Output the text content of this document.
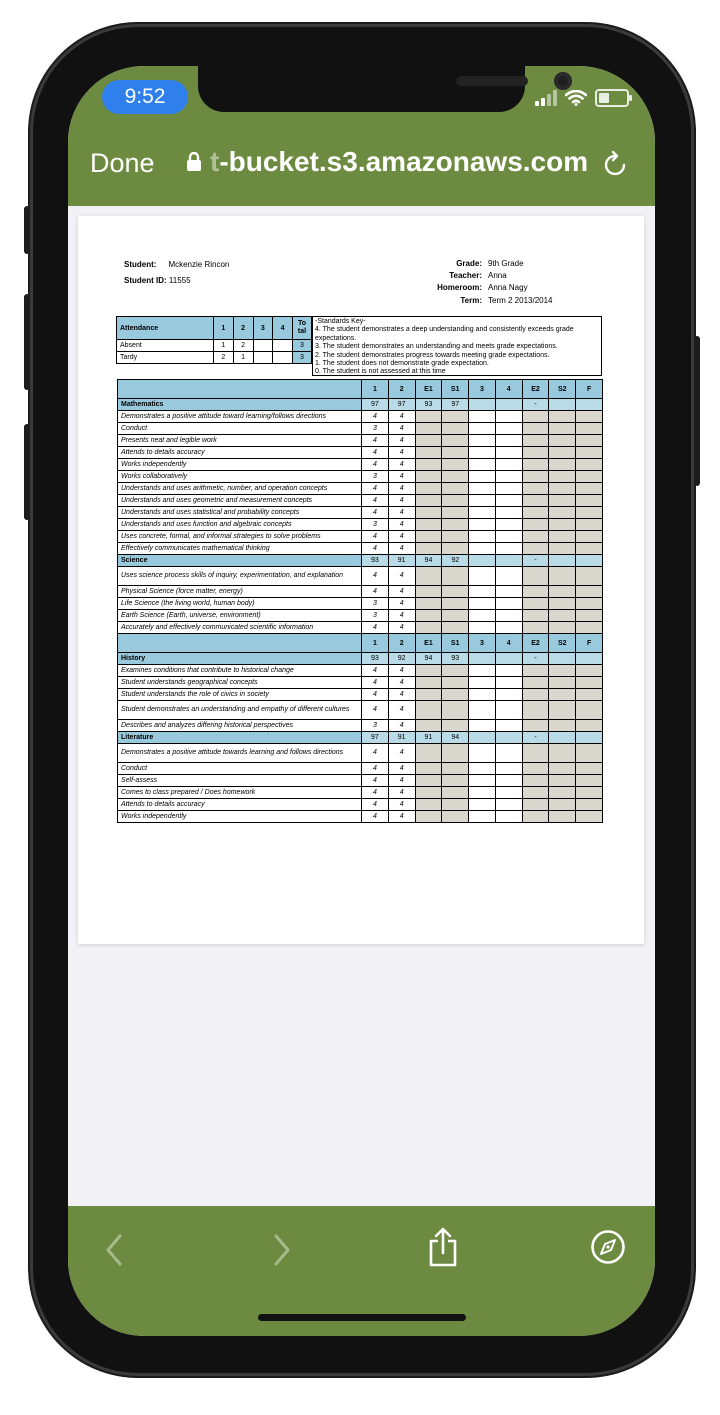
9:52
Done t-bucket.s3.amazonaws.com
Student: Mckenzie Rincon
Student ID: 11555
Grade: 9th Grade
Teacher: Anna
Homeroom: Anna Nagy
Term: Term 2 2013/2014
Attendance	1	2	3	4	To tal
Absent	1	2			3
Tardy	2	1			3
-Standards Key-
4. The student demonstrates a deep understanding and consistently exceeds grade expectations.
3. The student demonstrates an understanding and meets grade expectations.
2. The student demonstrates progress towards meeting grade expectations.
1. The student does not demonstrate grade expectation.
0. The student is not assessed at this time
	1	2	E1	S1	3	4	E2	S2	F
Mathematics	97	97	93	97			-		
Demonstrates a positive attitude toward learning/follows directions	4	4							
Conduct	3	4							
Presents neat and legible work	4	4							
Attends to details accuracy	4	4							
Works independently	4	4							
Works collaboratively	3	4							
Understands and uses arithmetic, number, and operation concepts	4	4							
Understands and uses geometric and measurement concepts	4	4							
Understands and uses statistical and probability concepts	4	4							
Understands and uses function and algebraic concepts	3	4							
Uses concrete, formal, and informal strategies to solve problems	4	4							
Effectively communicates mathematical thinking	4	4							
Science	93	91	94	92			-		
Uses science process skills of inquiry, experimentation, and explanation	4	4							
Physical Science (force matter, energy)	4	4							
Life Science (the living world, human body)	3	4							
Earth Science (Earth, universe, environment)	3	4							
Accurately and effectively communicated scientific information	4	4							
	1	2	E1	S1	3	4	E2	S2	F
History	93	92	94	93			-		
Examines conditions that contribute to historical change	4	4							
Student understands geographical concepts	4	4							
Student understands the role of civics in society	4	4							
Student demonstrates an understanding and empathy of different cultures	4	4							
Describes and analyzes differing historical perspectives	3	4							
Literature	97	91	91	94			-		
Demonstrates a positive attitude towards learning and follows directions	4	4							
Conduct	4	4							
Self-assess	4	4							
Comes to class prepared / Does homework	4	4							
Attends to details accuracy	4	4							
Works independently	4	4							
